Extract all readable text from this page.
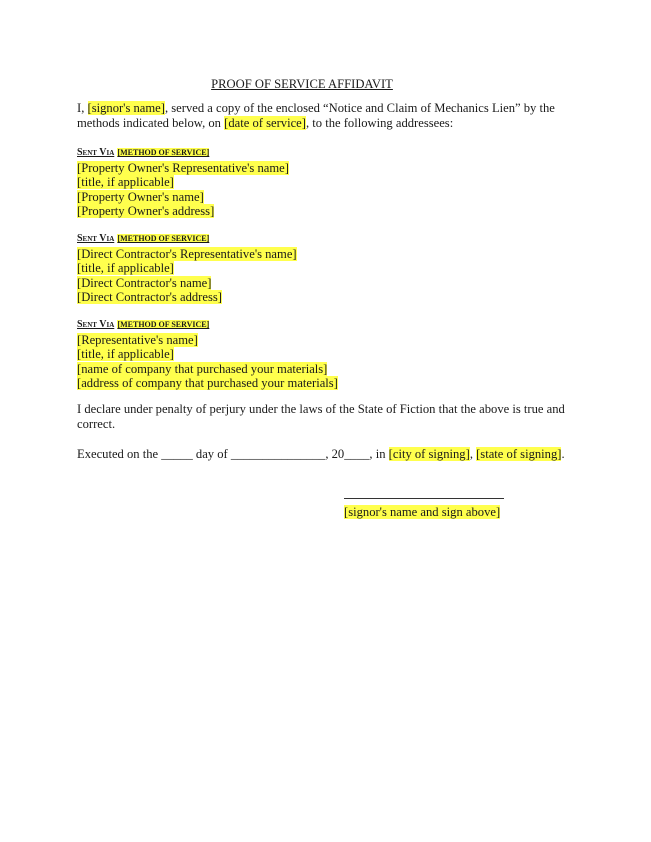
PROOF OF SERVICE AFFIDAVIT
I, [signor's name], served a copy of the enclosed “Notice and Claim of Mechanics Lien” by the
methods indicated below, on [date of service], to the following addressees:
Sent Via [METHOD OF SERVICE]
[Property Owner's Representative's name]
[title, if applicable]
[Property Owner's name]
[Property Owner's address]
Sent Via [METHOD OF SERVICE]
[Direct Contractor's Representative's name]
[title, if applicable]
[Direct Contractor's name]
[Direct Contractor's address]
Sent Via [METHOD OF SERVICE]
[Representative's name]
[title, if applicable]
[name of company that purchased your materials]
[address of company that purchased your materials]
I declare under penalty of perjury under the laws of the State of Fiction that the above is true and
correct.
Executed on the _____ day of _______________, 20____, in [city of signing], [state of signing].
[signor's name and sign above]
